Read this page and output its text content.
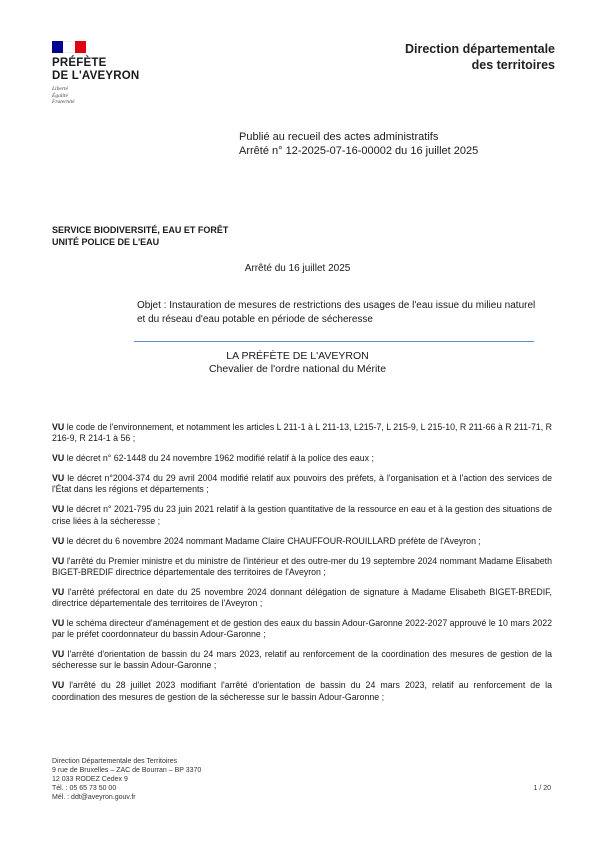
PRÉFÈTE
DE L'AVEYRON
Liberté
Égalité
Fraternité
Direction départementale
des territoires
Publié au recueil des actes administratifs
Arrêté n° 12-2025-07-16-00002 du 16 juillet 2025
SERVICE BIODIVERSITÉ, EAU ET FORÊT
UNITÉ POLICE DE L'EAU
Arrêté du 16 juillet 2025
Objet : Instauration de mesures de restrictions des usages de l'eau issue du milieu naturel et du réseau d'eau potable en période de sécheresse
LA PRÉFÈTE DE L'AVEYRON
Chevalier de l'ordre national du Mérite

VU le code de l'environnement, et notamment les articles L 211-1 à L 211-13, L215-7, L 215-9, L 215-10, R 211-66 à R 211-71, R 216-9, R 214-1 à 56 ;

VU le décret n° 62-1448 du 24 novembre 1962 modifié relatif à la police des eaux ;

VU le décret n°2004-374 du 29 avril 2004 modifié relatif aux pouvoirs des préfets, à l'organisation et à l'action des services de l'État dans les régions et départements ;

VU le décret n° 2021-795 du 23 juin 2021 relatif à la gestion quantitative de la ressource en eau et à la gestion des situations de crise liées à la sécheresse ;

VU le décret du 6 novembre 2024 nommant Madame Claire CHAUFFOUR-ROUILLARD préfète de l'Aveyron ;

VU l'arrêté du Premier ministre et du ministre de l'intérieur et des outre-mer du 19 septembre 2024 nommant Madame Elisabeth BIGET-BREDIF directrice départementale des territoires de l'Aveyron ;

VU l'arrêté préfectoral en date du 25 novembre 2024 donnant délégation de signature à Madame Elisabeth BIGET-BREDIF, directrice départementale des territoires de l'Aveyron ;

VU le schéma directeur d'aménagement et de gestion des eaux du bassin Adour-Garonne 2022-2027 approuvé le 10 mars 2022 par le préfet coordonnateur du bassin Adour-Garonne ;

VU l'arrêté d'orientation de bassin du 24 mars 2023, relatif au renforcement de la coordination des mesures de gestion de la sécheresse sur le bassin Adour-Garonne ;

VU l'arrêté du 28 juillet 2023 modifiant l'arrêté d'orientation de bassin du 24 mars 2023, relatif au renforcement de la coordination des mesures de gestion de la sécheresse sur le bassin Adour-Garonne ;

Direction Départementale des Territoires
9 rue de Bruxelles – ZAC de Bourran – BP 3370
12 033 RODEZ Cedex 9
Tél. : 05 65 73 50 00
Mél. : ddt@aveyron.gouv.fr
1 / 20
